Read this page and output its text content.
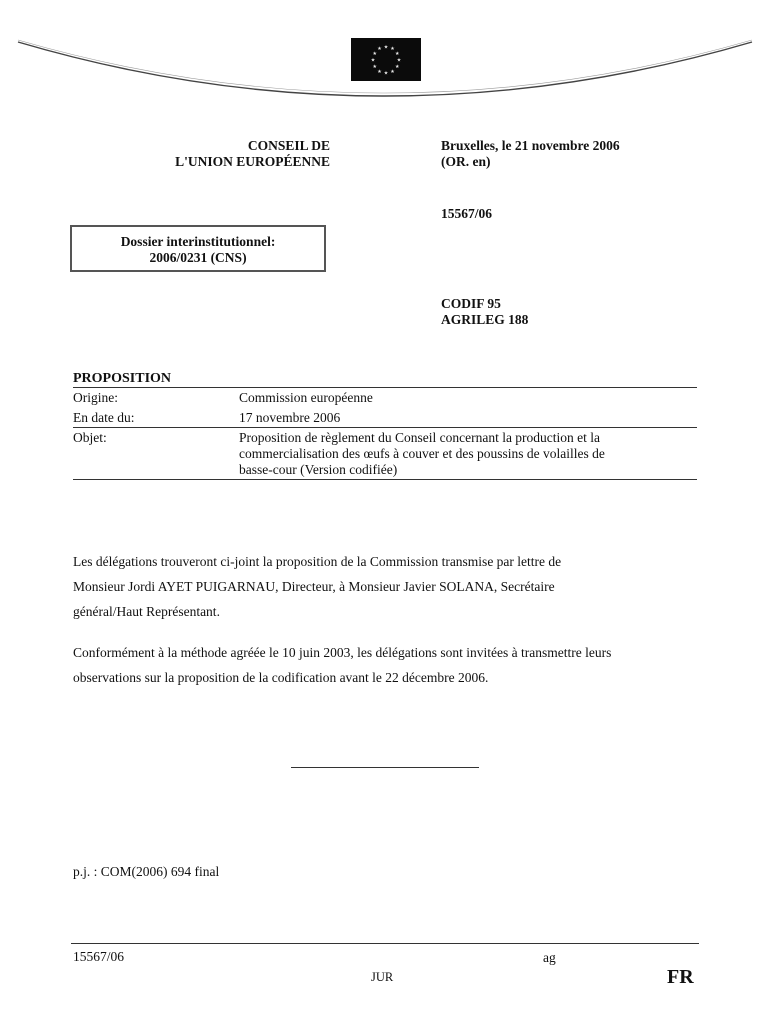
★ ★
★
★
★
★
★
★
★
★
★
★
CONSEIL DE
L'UNION EUROPÉENNE
Bruxelles, le 21 novembre 2006
(OR. en)
15567/06
Dossier interinstitutionnel:
2006/0231 (CNS)
CODIF 95
AGRILEG 188
PROPOSITION
Origine:	Commission européenne
En date du:	17 novembre 2006
Objet:	Proposition de règlement du Conseil concernant la production et la
commercialisation des œufs à couver et des poussins de volailles de
basse-cour (Version codifiée)
Les délégations trouveront ci-joint la proposition de la Commission transmise par lettre de
Monsieur Jordi AYET PUIGARNAU, Directeur, à Monsieur Javier SOLANA, Secrétaire
général/Haut Représentant.
Conformément à la méthode agréée le 10 juin 2003, les délégations sont invitées à transmettre leurs
observations sur la proposition de la codification avant le 22 décembre 2006.
p.j. : COM(2006) 694 final
15567/06	ag
JUR	FR
